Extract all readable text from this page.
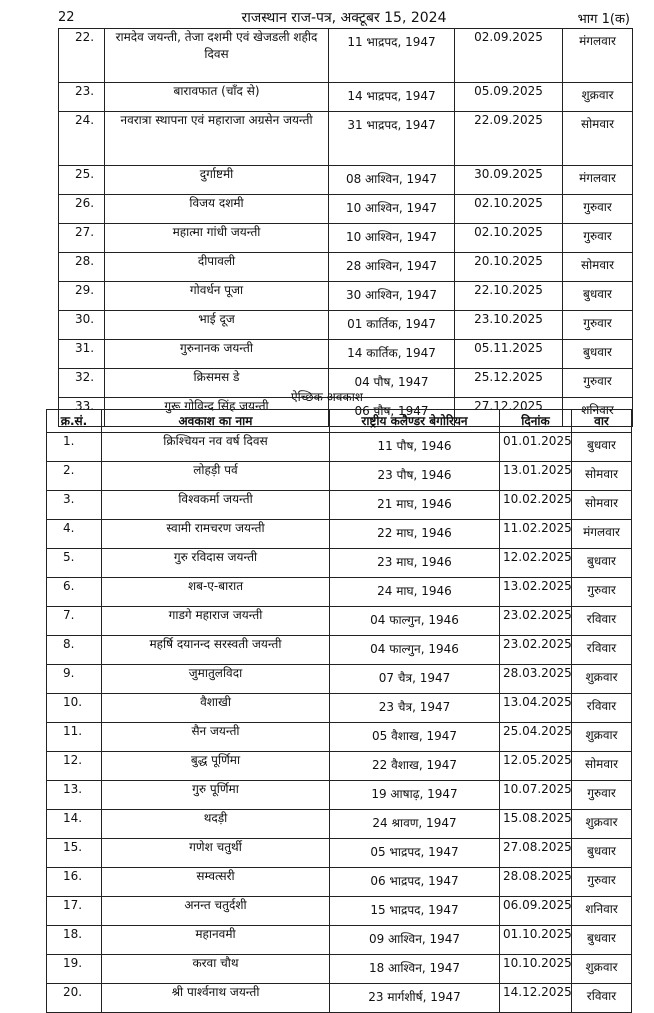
22	राजस्थान राज-पत्र, अक्टूबर 15, 2024	भाग 1(क)
22.	रामदेव जयन्ती, तेजा दशमी एवं खेजडली शहीद दिवस	11 भाद्रपद, 1947	02.09.2025	मंगलवार
23.	बारावफात (चाँद से)	14 भाद्रपद, 1947	05.09.2025	शुक्रवार
24.	नवरात्रा स्थापना एवं महाराजा अग्रसेन जयन्ती	31 भाद्रपद, 1947	22.09.2025	सोमवार
25.	दुर्गाष्टमी	08 आश्विन, 1947	30.09.2025	मंगलवार
26.	विजय दशमी	10 आश्विन, 1947	02.10.2025	गुरुवार
27.	महात्मा गांधी जयन्ती	10 आश्विन, 1947	02.10.2025	गुरुवार
28.	दीपावली	28 आश्विन, 1947	20.10.2025	सोमवार
29.	गोवर्धन पूजा	30 आश्विन, 1947	22.10.2025	बुधवार
30.	भाई दूज	01 कार्तिक, 1947	23.10.2025	गुरुवार
31.	गुरुनानक जयन्ती	14 कार्तिक, 1947	05.11.2025	बुधवार
32.	क्रिसमस डे	04 पौष, 1947	25.12.2025	गुरुवार
33.	गुरू गोविन्द सिंह जयन्ती	06 पौष, 1947	27.12.2025	शनिवार
ऐच्छिक अवकाश
क्र.सं.	अवकाश का नाम	राष्ट्रीय कलैण्डर बेगोरियन	दिनांक	वार
1.	क्रिश्चियन नव वर्ष दिवस	11 पौष, 1946	01.01.2025	बुधवार
2.	लोहड़ी पर्व	23 पौष, 1946	13.01.2025	सोमवार
3.	विश्वकर्मा जयन्ती	21 माघ, 1946	10.02.2025	सोमवार
4.	स्वामी रामचरण जयन्ती	22 माघ, 1946	11.02.2025	मंगलवार
5.	गुरु रविदास जयन्ती	23 माघ, 1946	12.02.2025	बुधवार
6.	शब-ए-बारात	24 माघ, 1946	13.02.2025	गुरुवार
7.	गाडगे महाराज जयन्ती	04 फाल्गुन, 1946	23.02.2025	रविवार
8.	महर्षि दयानन्द सरस्वती जयन्ती	04 फाल्गुन, 1946	23.02.2025	रविवार
9.	जुमातुलविदा	07 चैत्र, 1947	28.03.2025	शुक्रवार
10.	वैशाखी	23 चैत्र, 1947	13.04.2025	रविवार
11.	सैन जयन्ती	05 वैशाख, 1947	25.04.2025	शुक्रवार
12.	बुद्ध पूर्णिमा	22 वैशाख, 1947	12.05.2025	सोमवार
13.	गुरु पूर्णिमा	19 आषाढ़, 1947	10.07.2025	गुरुवार
14.	थदड़ी	24 श्रावण, 1947	15.08.2025	शुक्रवार
15.	गणेश चतुर्थी	05 भाद्रपद, 1947	27.08.2025	बुधवार
16.	सम्वत्सरी	06 भाद्रपद, 1947	28.08.2025	गुरुवार
17.	अनन्त चतुर्दशी	15 भाद्रपद, 1947	06.09.2025	शनिवार
18.	महानवमी	09 आश्विन, 1947	01.10.2025	बुधवार
19.	करवा चौथ	18 आश्विन, 1947	10.10.2025	शुक्रवार
20.	श्री पार्श्वनाथ जयन्ती	23 मार्गशीर्ष, 1947	14.12.2025	रविवार
